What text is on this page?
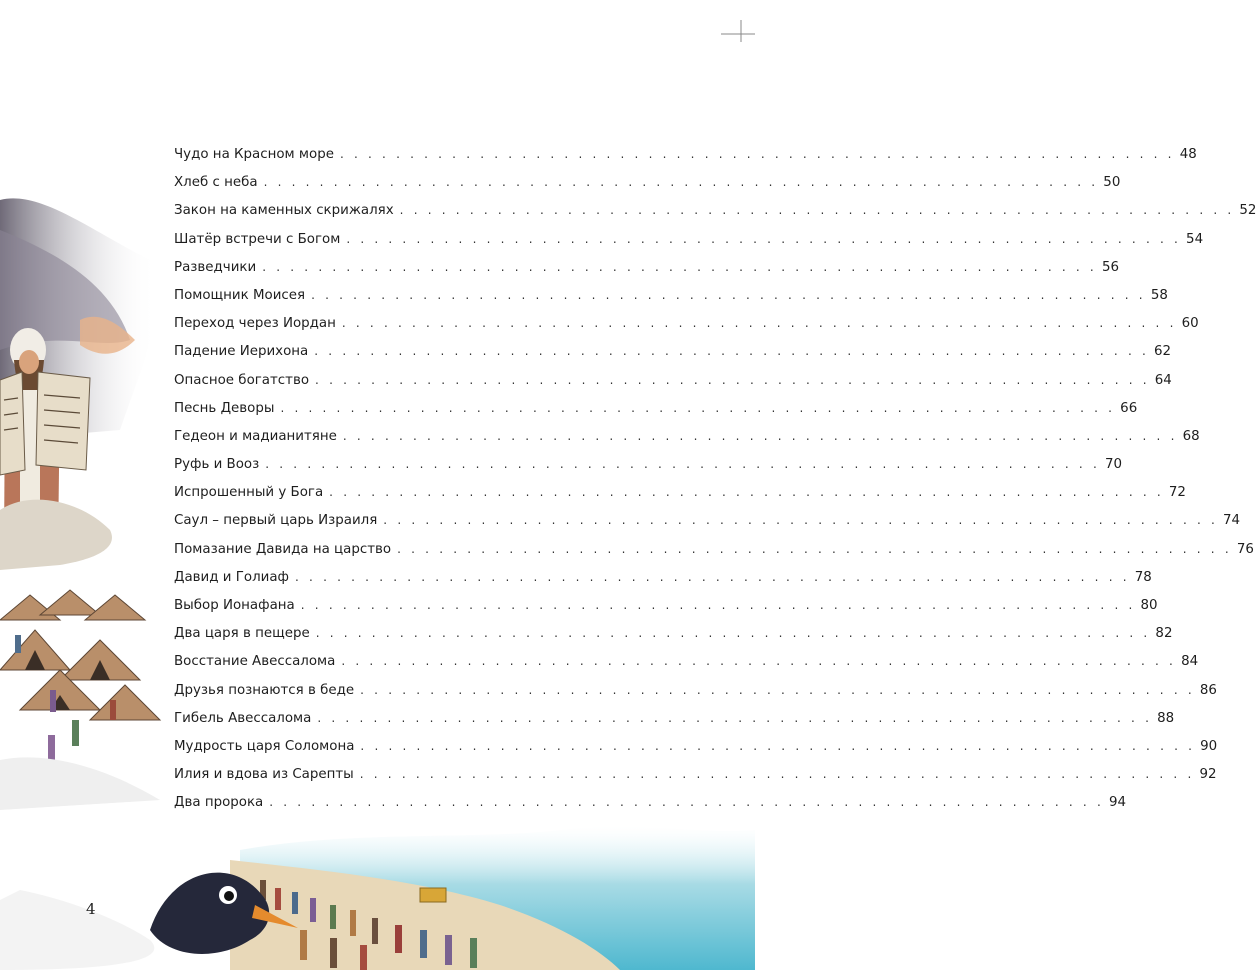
Чудо на Красном море . . . . . . . . . . . . . . . . . . . . . . . . . . . . . . . . . . . . . . . . . . . . . . . . . . . . . . . . . . . . 48
Хлеб с неба . . . . . . . . . . . . . . . . . . . . . . . . . . . . . . . . . . . . . . . . . . . . . . . . . . . . . . . . . . . . 50
Закон на каменных скрижалях . . . . . . . . . . . . . . . . . . . . . . . . . . . . . . . . . . . . . . . . . . . . . . . . . . . . . . . . . . . . 52
Шатёр встречи с Богом . . . . . . . . . . . . . . . . . . . . . . . . . . . . . . . . . . . . . . . . . . . . . . . . . . . . . . . . . . . . 54
Разведчики . . . . . . . . . . . . . . . . . . . . . . . . . . . . . . . . . . . . . . . . . . . . . . . . . . . . . . . . . . . . 56
Помощник Моисея . . . . . . . . . . . . . . . . . . . . . . . . . . . . . . . . . . . . . . . . . . . . . . . . . . . . . . . . . . . . 58
Переход через Иордан . . . . . . . . . . . . . . . . . . . . . . . . . . . . . . . . . . . . . . . . . . . . . . . . . . . . . . . . . . . . 60
Падение Иерихона . . . . . . . . . . . . . . . . . . . . . . . . . . . . . . . . . . . . . . . . . . . . . . . . . . . . . . . . . . . . 62
Опасное богатство . . . . . . . . . . . . . . . . . . . . . . . . . . . . . . . . . . . . . . . . . . . . . . . . . . . . . . . . . . . . 64
Песнь Деворы . . . . . . . . . . . . . . . . . . . . . . . . . . . . . . . . . . . . . . . . . . . . . . . . . . . . . . . . . . . . 66
Гедеон и мадианитяне . . . . . . . . . . . . . . . . . . . . . . . . . . . . . . . . . . . . . . . . . . . . . . . . . . . . . . . . . . . . 68
Руфь и Вооз . . . . . . . . . . . . . . . . . . . . . . . . . . . . . . . . . . . . . . . . . . . . . . . . . . . . . . . . . . . . 70
Испрошенный у Бога . . . . . . . . . . . . . . . . . . . . . . . . . . . . . . . . . . . . . . . . . . . . . . . . . . . . . . . . . . . . 72
Саул – первый царь Израиля . . . . . . . . . . . . . . . . . . . . . . . . . . . . . . . . . . . . . . . . . . . . . . . . . . . . . . . . . . . . 74
Помазание Давида на царство . . . . . . . . . . . . . . . . . . . . . . . . . . . . . . . . . . . . . . . . . . . . . . . . . . . . . . . . . . . . 76
Давид и Голиаф . . . . . . . . . . . . . . . . . . . . . . . . . . . . . . . . . . . . . . . . . . . . . . . . . . . . . . . . . . . . 78
Выбор Ионафана . . . . . . . . . . . . . . . . . . . . . . . . . . . . . . . . . . . . . . . . . . . . . . . . . . . . . . . . . . . . 80
Два царя в пещере . . . . . . . . . . . . . . . . . . . . . . . . . . . . . . . . . . . . . . . . . . . . . . . . . . . . . . . . . . . . 82
Восстание Авессалома . . . . . . . . . . . . . . . . . . . . . . . . . . . . . . . . . . . . . . . . . . . . . . . . . . . . . . . . . . . . 84
Друзья познаются в беде . . . . . . . . . . . . . . . . . . . . . . . . . . . . . . . . . . . . . . . . . . . . . . . . . . . . . . . . . . . . 86
Гибель Авессалома . . . . . . . . . . . . . . . . . . . . . . . . . . . . . . . . . . . . . . . . . . . . . . . . . . . . . . . . . . . . 88
Мудрость царя Соломона . . . . . . . . . . . . . . . . . . . . . . . . . . . . . . . . . . . . . . . . . . . . . . . . . . . . . . . . . . . . 90
Илия и вдова из Сарепты . . . . . . . . . . . . . . . . . . . . . . . . . . . . . . . . . . . . . . . . . . . . . . . . . . . . . . . . . . . . 92
Два пророка . . . . . . . . . . . . . . . . . . . . . . . . . . . . . . . . . . . . . . . . . . . . . . . . . . . . . . . . . . . . 94
4
